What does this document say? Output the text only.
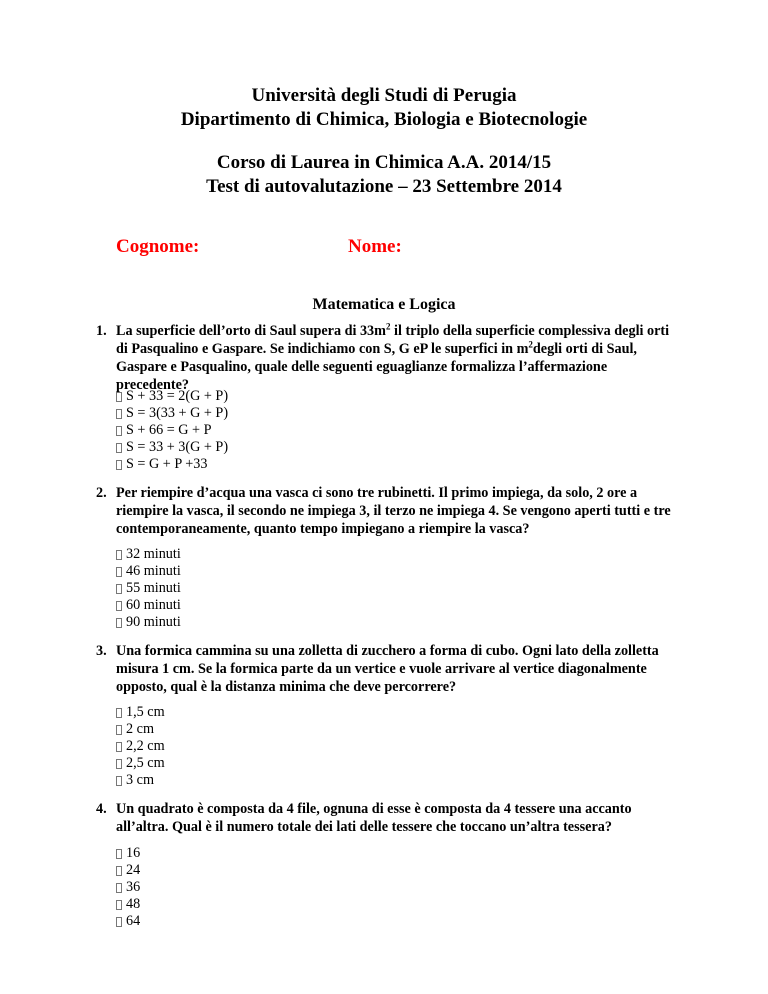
Università degli Studi di Perugia
Dipartimento di Chimica, Biologia e Biotecnologie
Corso di Laurea in Chimica A.A. 2014/15
Test di autovalutazione – 23 Settembre 2014
Cognome:	Nome:
Matematica e Logica
1. La superficie dell’orto di Saul supera di $33m^2$ il triplo della superficie complessiva degli orti di Pasqualino e Gaspare. Se indichiamo con S, G eP le superfici in $m^2degli$ orti di Saul, Gaspare e Pasqualino, quale delle seguenti eguaglianze formalizza l’affermazione precedente?
S + 33 = 2(G + P)
S = 3(33 + G + P)
S + 66 = G + P
S = 33 + 3(G + P)
S = G + P +33
2. Per riempire d’acqua una vasca ci sono tre rubinetti. Il primo impiega, da solo, 2 ore a riempire la vasca, il secondo ne impiega 3, il terzo ne impiega 4. Se vengono aperti tutti e tre contemporaneamente, quanto tempo impiegano a riempire la vasca?
32 minuti
46 minuti
55 minuti
60 minuti
90 minuti
3. Una formica cammina su una zolletta di zucchero a forma di cubo. Ogni lato della zolletta misura 1 cm. Se la formica parte da un vertice e vuole arrivare al vertice diagonalmente opposto, qual è la distanza minima che deve percorrere?
1,5 cm
2 cm
2,2 cm
2,5 cm
3 cm
4. Un quadrato è composta da 4 file, ognuna di esse è composta da 4 tessere una accanto all’altra. Qual è il numero totale dei lati delle tessere che toccano un’altra tessera?
16
24
36
48
64
